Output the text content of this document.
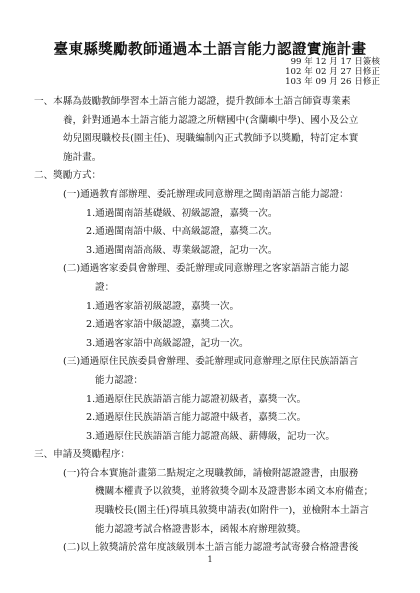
臺東縣獎勵教師通過本土語言能力認證實施計畫
99 年 12 月 17 日簽核
102 年 02 月 27 日修正
103 年 09 月 26 日修正
一、本縣為鼓勵教師學習本土語言能力認證，提升教師本土語言師資專業素
養，針對通過本土語言能力認證之所轄國中(含蘭嶼中學)、國小及公立
幼兒園現職校長(園主任)、現職編制內正式教師予以獎勵，特訂定本實
施計畫。
二、獎勵方式：
(一)通過教育部辦理、委託辦理或同意辦理之閩南語語言能力認證：
1.通過閩南語基礎級、初級認證，嘉獎一次。
2.通過閩南語中級、中高級認證，嘉獎二次。
3.通過閩南語高級、專業級認證，記功一次。
(二)通過客家委員會辦理、委託辦理或同意辦理之客家語語言能力認
證：
1.通過客家語初級認證，嘉獎一次。
2.通過客家語中級認證，嘉獎二次。
3.通過客家語中高級認證，記功一次。
(三)通過原住民族委員會辦理、委託辦理或同意辦理之原住民族語語言
能力認證：
1.通過原住民族語語言能力認證初級者，嘉獎一次。
2.通過原住民族語語言能力認證中級者，嘉獎二次。
3.通過原住民族語語言能力認證高級、薪傳級，記功一次。
三、申請及獎勵程序：
(一)符合本實施計畫第二點規定之現職教師，請檢附認證證書，由服務
機關本權責予以敘獎，並將敘獎令副本及證書影本函文本府備查；
現職校長(園主任)得填具敘獎申請表(如附件一)，並檢附本土語言
能力認證考試合格證書影本，函報本府辦理敘獎。
(二)以上敘獎請於當年度該級別本土語言能力認證考試寄發合格證書後
1
